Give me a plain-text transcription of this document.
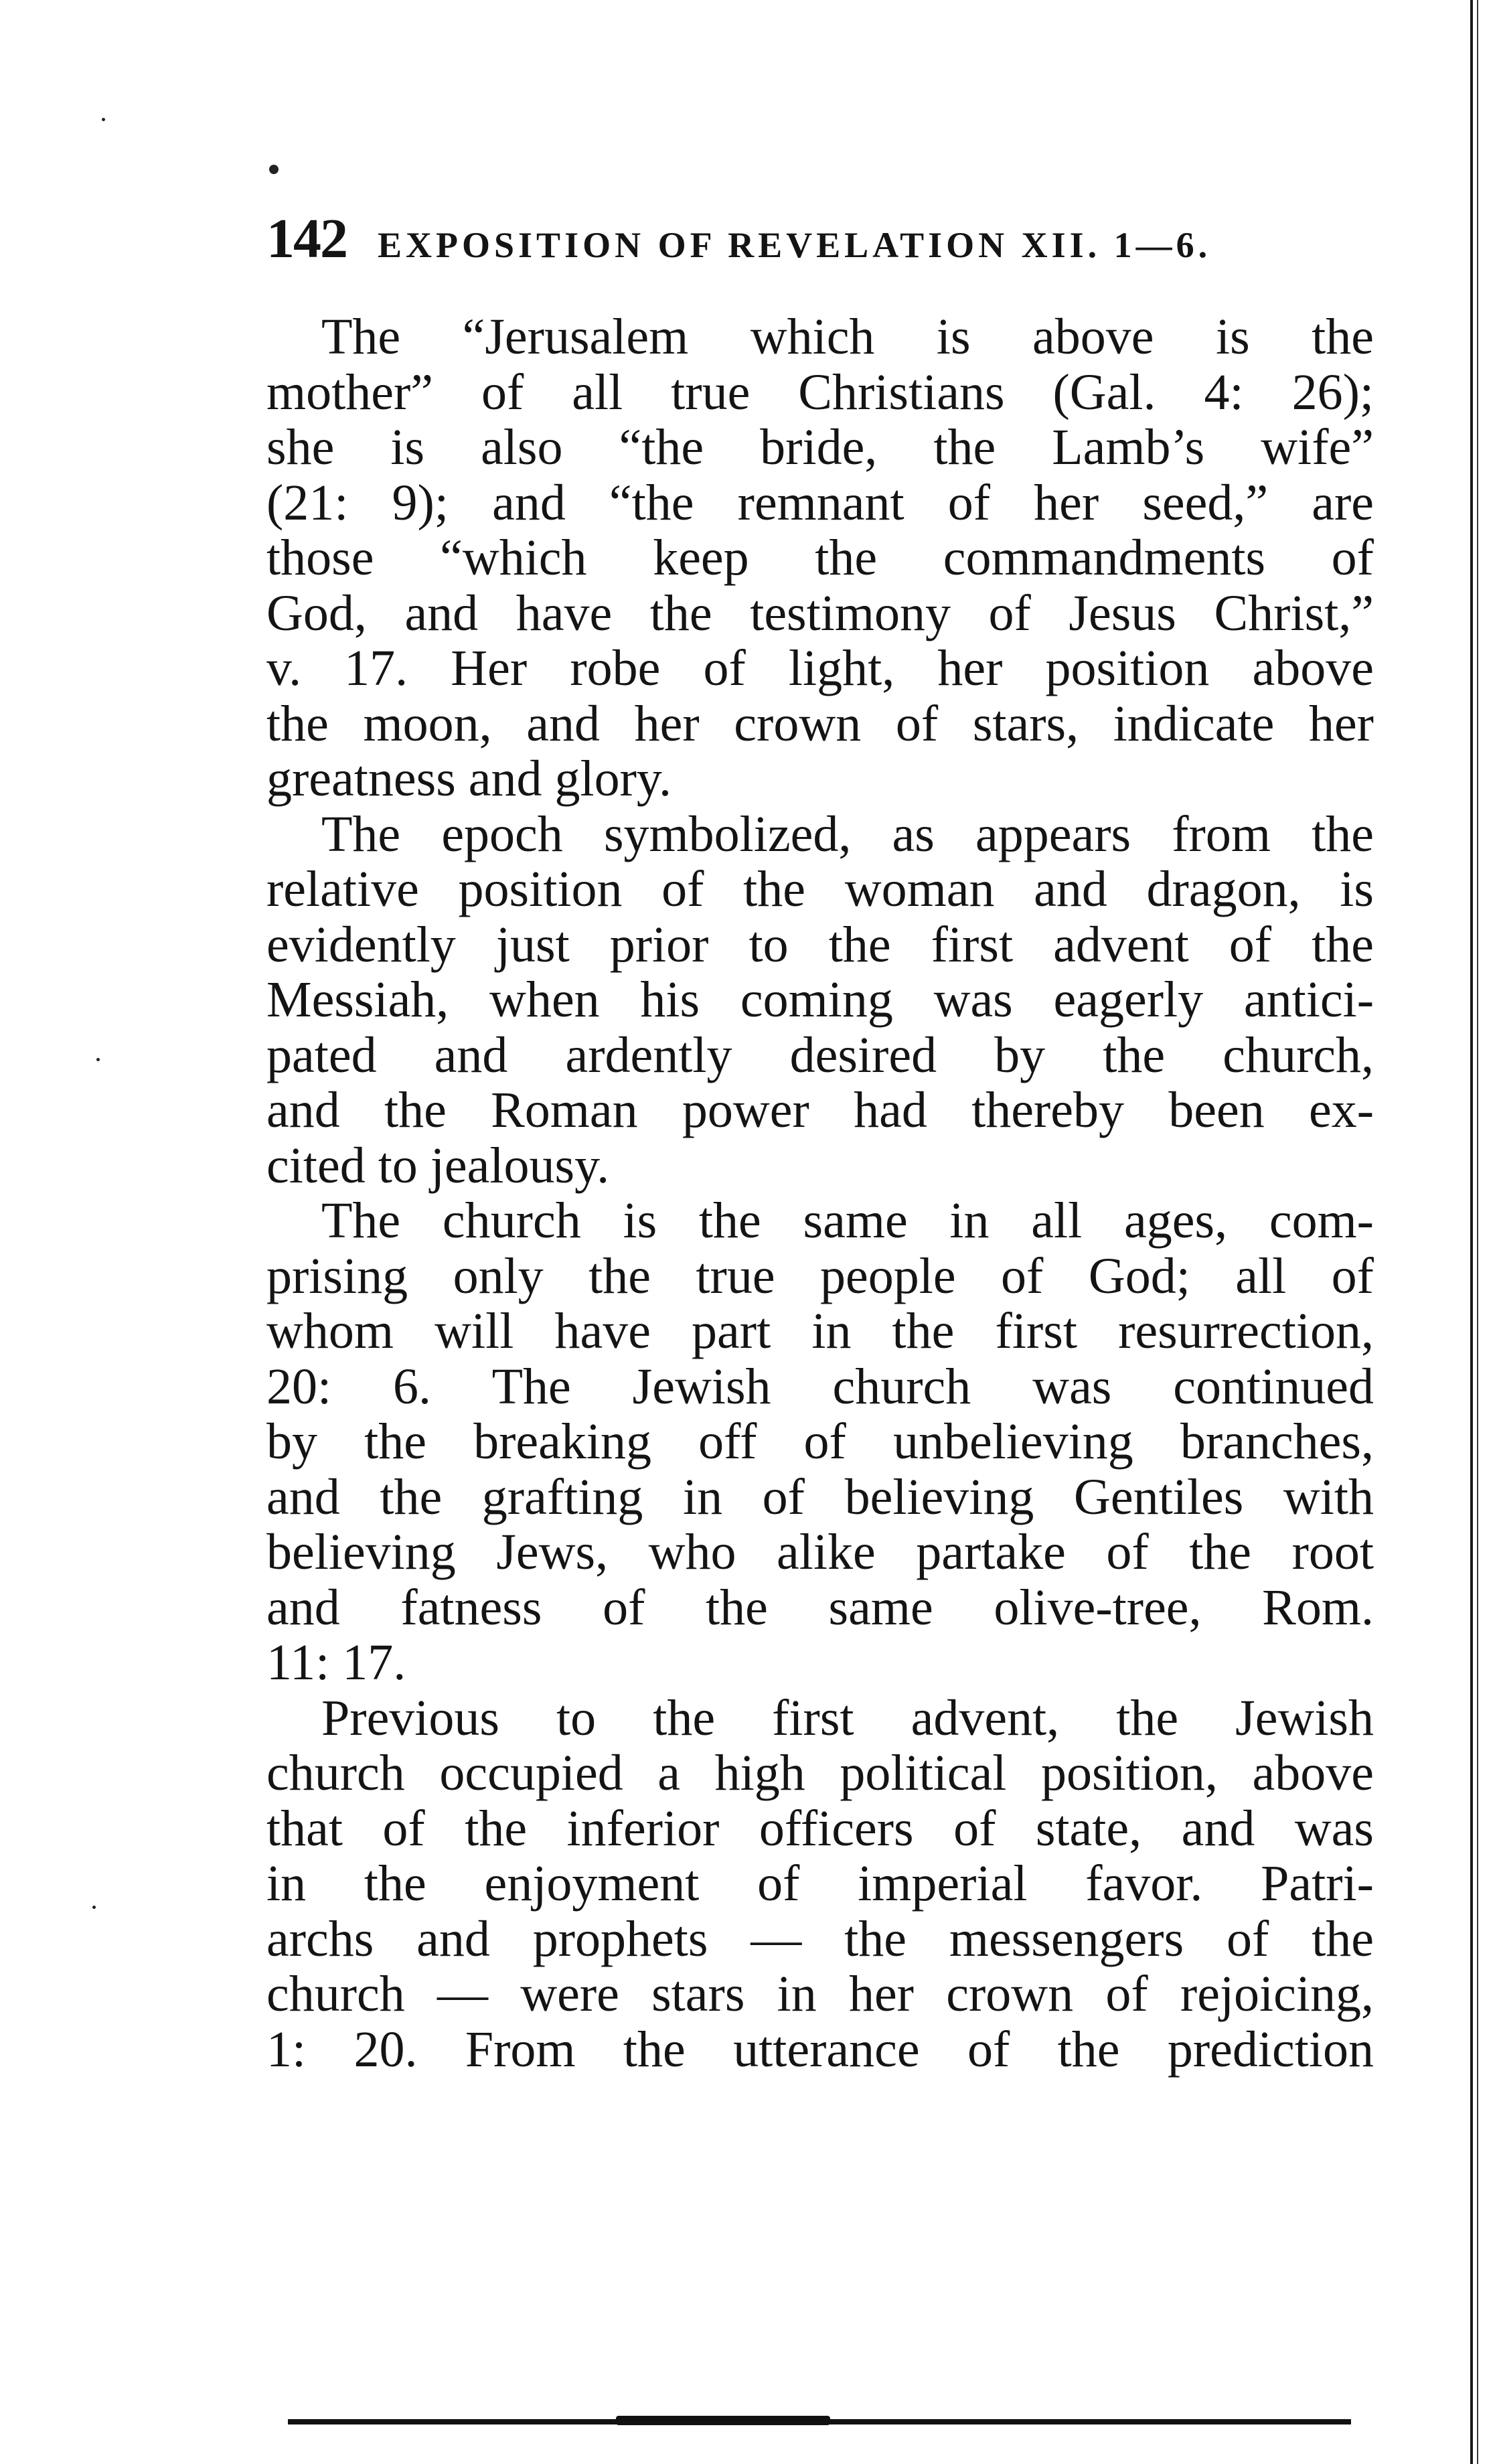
142 EXPOSITION OF REVELATION XII. 1—6.
The “Jerusalem which is above is the
mother” of all true Christians (Gal. 4: 26);
she is also “the bride, the Lamb’s wife”
(21: 9); and “the remnant of her seed,” are
those “which keep the commandments of
God, and have the testimony of Jesus Christ,”
v. 17. Her robe of light, her position above
the moon, and her crown of stars, indicate her
greatness and glory.
The epoch symbolized, as appears from the
relative position of the woman and dragon, is
evidently just prior to the first advent of the
Messiah, when his coming was eagerly antici-
pated and ardently desired by the church,
and the Roman power had thereby been ex-
cited to jealousy.
The church is the same in all ages, com-
prising only the true people of God; all of
whom will have part in the first resurrection,
20: 6. The Jewish church was continued
by the breaking off of unbelieving branches,
and the grafting in of believing Gentiles with
believing Jews, who alike partake of the root
and fatness of the same olive-tree, Rom.
11: 17.
Previous to the first advent, the Jewish
church occupied a high political position, above
that of the inferior officers of state, and was
in the enjoyment of imperial favor. Patri-
archs and prophets — the messengers of the
church — were stars in her crown of rejoicing,
1: 20. From the utterance of the prediction
